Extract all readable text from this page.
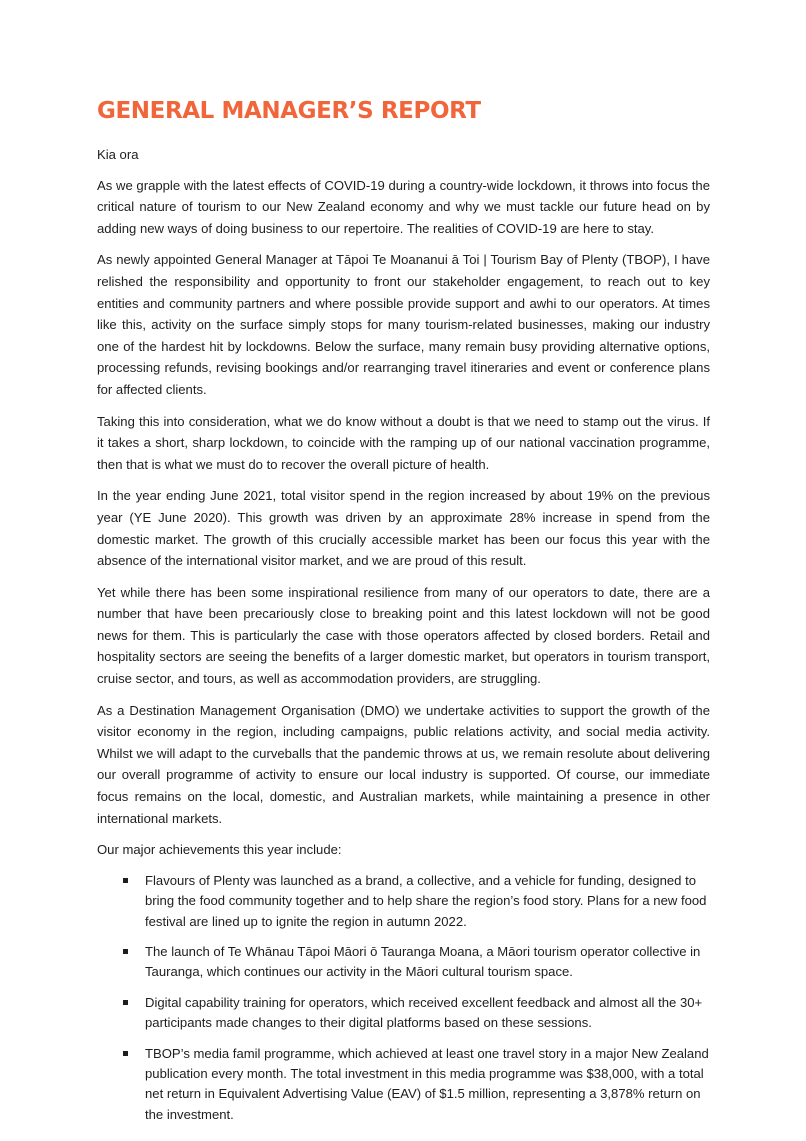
GENERAL MANAGER’S REPORT

Kia ora

As we grapple with the latest effects of COVID-19 during a country-wide lockdown, it throws into focus the critical nature of tourism to our New Zealand economy and why we must tackle our future head on by adding new ways of doing business to our repertoire. The realities of COVID-19 are here to stay.

As newly appointed General Manager at Tāpoi Te Moananui ā Toi | Tourism Bay of Plenty (TBOP), I have relished the responsibility and opportunity to front our stakeholder engagement, to reach out to key entities and community partners and where possible provide support and awhi to our operators. At times like this, activity on the surface simply stops for many tourism-related businesses, making our industry one of the hardest hit by lockdowns. Below the surface, many remain busy providing alternative options, processing refunds, revising bookings and/or rearranging travel itineraries and event or conference plans for affected clients.

Taking this into consideration, what we do know without a doubt is that we need to stamp out the virus. If it takes a short, sharp lockdown, to coincide with the ramping up of our national vaccination programme, then that is what we must do to recover the overall picture of health.

In the year ending June 2021, total visitor spend in the region increased by about 19% on the previous year (YE June 2020). This growth was driven by an approximate 28% increase in spend from the domestic market. The growth of this crucially accessible market has been our focus this year with the absence of the international visitor market, and we are proud of this result.

Yet while there has been some inspirational resilience from many of our operators to date, there are a number that have been precariously close to breaking point and this latest lockdown will not be good news for them. This is particularly the case with those operators affected by closed borders. Retail and hospitality sectors are seeing the benefits of a larger domestic market, but operators in tourism transport, cruise sector, and tours, as well as accommodation providers, are struggling.

As a Destination Management Organisation (DMO) we undertake activities to support the growth of the visitor economy in the region, including campaigns, public relations activity, and social media activity. Whilst we will adapt to the curveballs that the pandemic throws at us, we remain resolute about delivering our overall programme of activity to ensure our local industry is supported. Of course, our immediate focus remains on the local, domestic, and Australian markets, while maintaining a presence in other international markets.

Our major achievements this year include:

Flavours of Plenty was launched as a brand, a collective, and a vehicle for funding, designed to bring the food community together and to help share the region’s food story. Plans for a new food festival are lined up to ignite the region in autumn 2022.
The launch of Te Whānau Tāpoi Māori ō Tauranga Moana, a Māori tourism operator collective in Tauranga, which continues our activity in the Māori cultural tourism space.
Digital capability training for operators, which received excellent feedback and almost all the 30+ participants made changes to their digital platforms based on these sessions.
TBOP’s media famil programme, which achieved at least one travel story in a major New Zealand publication every month. The total investment in this media programme was $38,000, with a total net return in Equivalent Advertising Value (EAV) of $1.5 million, representing a 3,878% return on the investment.
